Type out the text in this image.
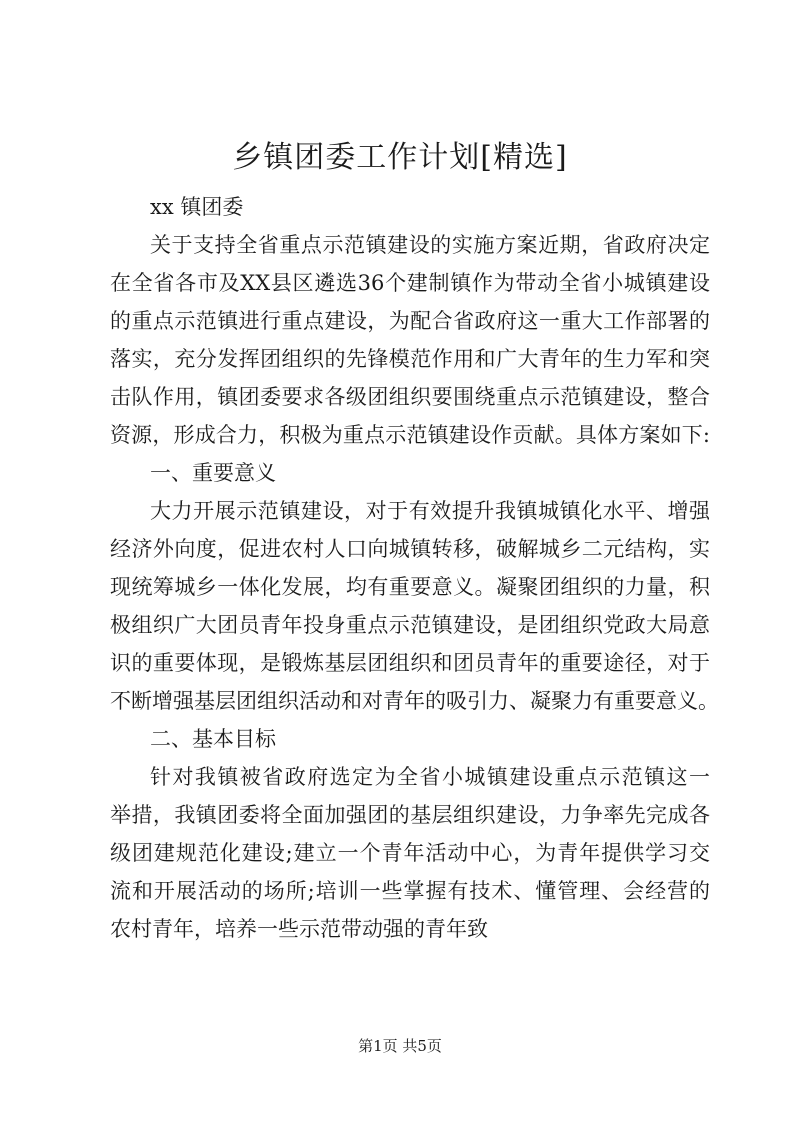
乡镇团委工作计划[精选]
xx 镇团委
关于支持全省重点示范镇建设的实施方案近期，省政府决定
在全省各市及XX县区遴选36个建制镇作为带动全省小城镇建设
的重点示范镇进行重点建设，为配合省政府这一重大工作部署的
落实，充分发挥团组织的先锋模范作用和广大青年的生力军和突
击队作用，镇团委要求各级团组织要围绕重点示范镇建设，整合
资源，形成合力，积极为重点示范镇建设作贡献。具体方案如下:
一、重要意义
大力开展示范镇建设，对于有效提升我镇城镇化水平、增强
经济外向度，促进农村人口向城镇转移，破解城乡二元结构，实
现统筹城乡一体化发展，均有重要意义。凝聚团组织的力量，积
极组织广大团员青年投身重点示范镇建设，是团组织党政大局意
识的重要体现，是锻炼基层团组织和团员青年的重要途径，对于
不断增强基层团组织活动和对青年的吸引力、凝聚力有重要意义。
二、基本目标
针对我镇被省政府选定为全省小城镇建设重点示范镇这一
举措，我镇团委将全面加强团的基层组织建设，力争率先完成各
级团建规范化建设;建立一个青年活动中心，为青年提供学习交
流和开展活动的场所;培训一些掌握有技术、懂管理、会经营的
农村青年，培养一些示范带动强的青年致
第1页 共5页
